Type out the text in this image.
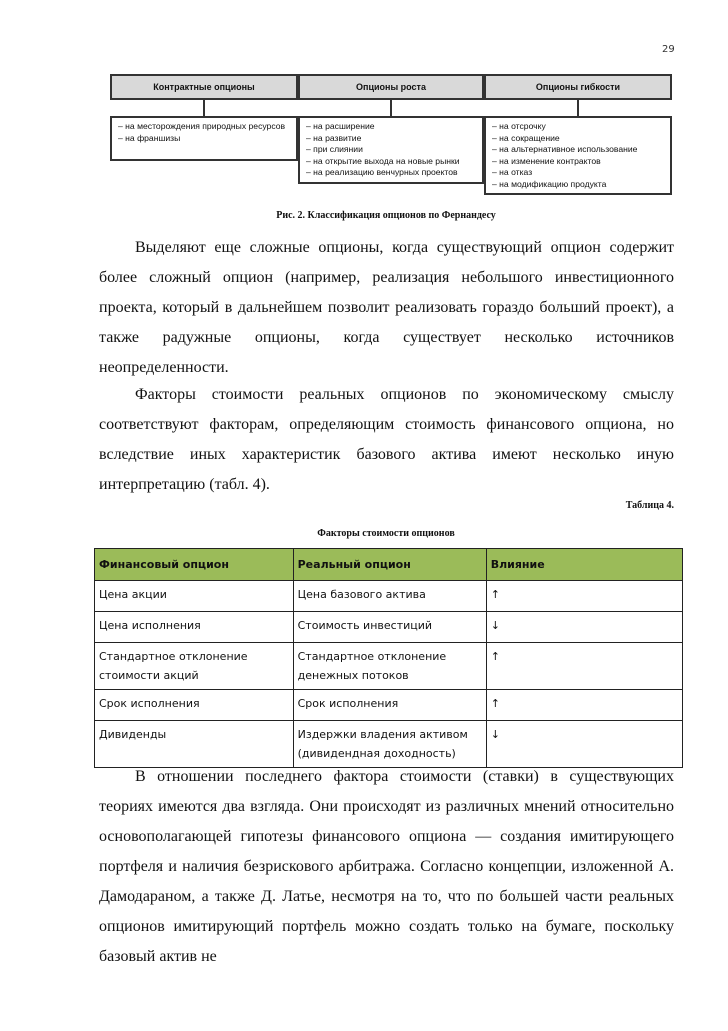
29
Контрактные опционы	Опционы роста	Опционы гибкости
– на месторождения природных ресурсов
– на франшизы
– на расширение
– на развитие
– при слиянии
– на открытие выхода на новые рынки
– на реализацию венчурных проектов
– на отсрочку
– на сокращение
– на альтернативное использование
– на изменение контрактов
– на отказ
– на модификацию продукта
Рис. 2. Классификация опционов по Фернандесу

Выделяют еще сложные опционы, когда существующий опцион содержит более сложный опцион (например, реализация небольшого инвестиционного проекта, который в дальнейшем позволит реализовать гораздо больший проект), а также радужные опционы, когда существует несколько источников неопределенности.

Факторы стоимости реальных опционов по экономическому смыслу соответствуют факторам, определяющим стоимость финансового опциона, но вследствие иных характеристик базового актива имеют несколько иную интерпретацию (табл. 4).

Таблица 4.
Факторы стоимости опционов
Финансовый опцион	Реальный опцион	Влияние
Цена акции	Цена базового актива	↑
Цена исполнения	Стоимость инвестиций	↓
Стандартное отклонение стоимости акций	Стандартное отклонение денежных потоков	↑
Срок исполнения	Срок исполнения	↑
Дивиденды	Издержки владения активом (дивидендная доходность)	↓

В отношении последнего фактора стоимости (ставки) в существующих теориях имеются два взгляда. Они происходят из различных мнений относительно основополагающей гипотезы финансового опциона — создания имитирующего портфеля и наличия безрискового арбитража. Согласно концепции, изложенной А. Дамодараном, а также Д. Латье, несмотря на то, что по большей части реальных опционов имитирующий портфель можно создать только на бумаге, поскольку базовый актив не
